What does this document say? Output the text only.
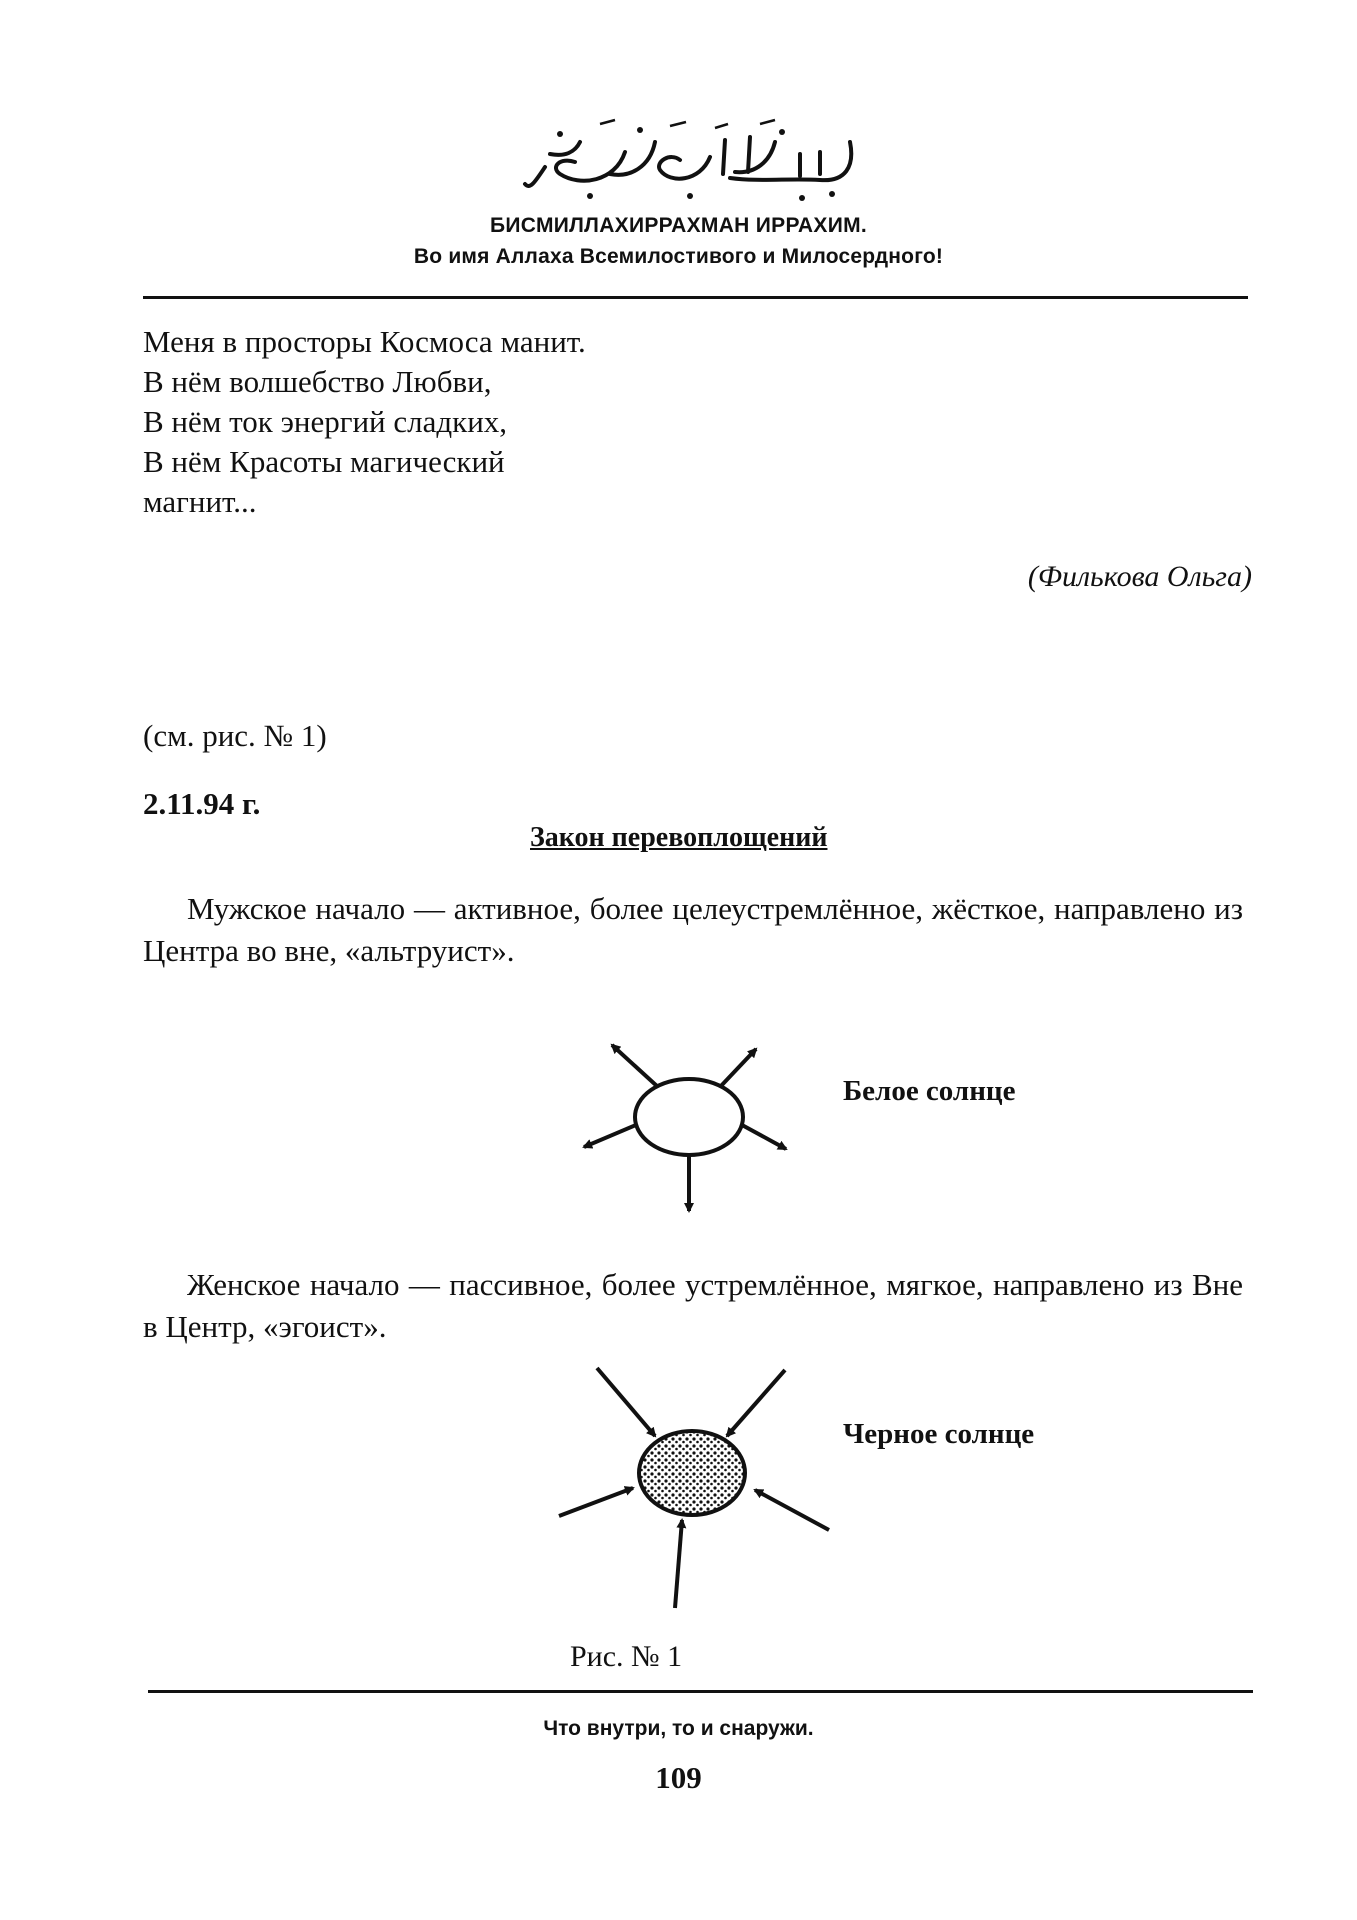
БИСМИЛЛАХИРРАХМАН ИРРАХИМ.
Во имя Аллаха Всемилостивого и Милосердного!
Меня в просторы Космоса манит.
В нём волшебство Любви,
В нём ток энергий сладких,
В нём Красоты магический
магнит...
(Филькова Ольга)
(см. рис. № 1)
2.11.94 г.
Закон перевоплощений
Мужское начало — активное, более целеустремлённое, жёсткое, направлено из Центра во вне, «альтруист».
Белое солнце
Женское начало — пассивное, более устремлённое, мягкое, направлено из Вне в Центр, «эгоист».
Черное солнце
Рис. № 1
Что внутри, то и снаружи.
109
